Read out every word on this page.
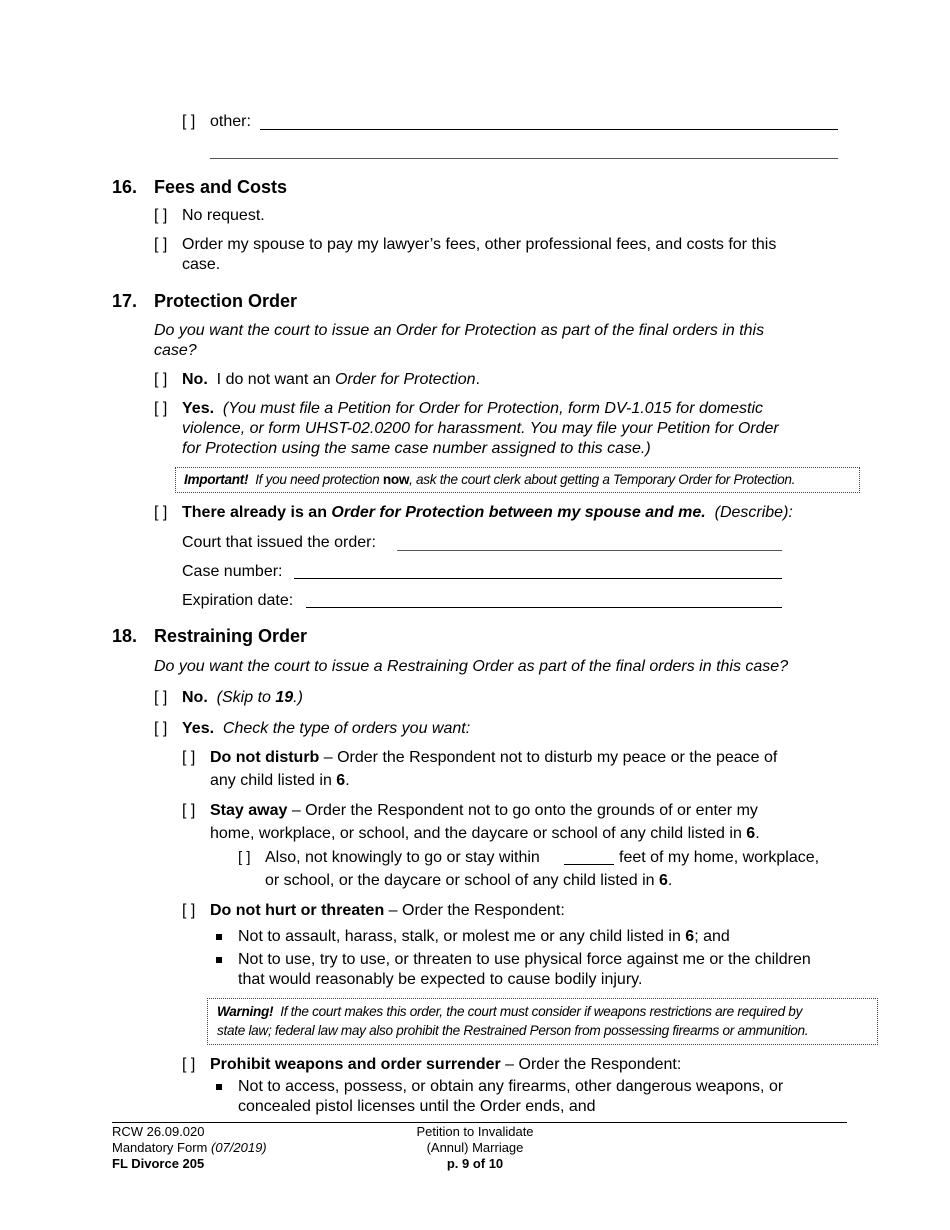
[ ] other:
16. Fees and Costs
[ ] No request.
[ ] Order my spouse to pay my lawyer’s fees, other professional fees, and costs for this
case.
17. Protection Order
Do you want the court to issue an Order for Protection as part of the final orders in this
case?
[ ] No. I do not want an Order for Protection.
[ ] Yes. (You must file a Petition for Order for Protection, form DV-1.015 for domestic
violence, or form UHST-02.0200 for harassment. You may file your Petition for Order
for Protection using the same case number assigned to this case.)
Important! If you need protection now, ask the court clerk about getting a Temporary Order for Protection.
[ ] There already is an Order for Protection between my spouse and me. (Describe):
Court that issued the order:
Case number:
Expiration date:
18. Restraining Order
Do you want the court to issue a Restraining Order as part of the final orders in this case?
[ ] No. (Skip to 19.)
[ ] Yes. Check the type of orders you want:
[ ] Do not disturb – Order the Respondent not to disturb my peace or the peace of
any child listed in 6.
[ ] Stay away – Order the Respondent not to go onto the grounds of or enter my
home, workplace, or school, and the daycare or school of any child listed in 6.
[ ] Also, not knowingly to go or stay within	feet of my home, workplace,
or school, or the daycare or school of any child listed in 6.
[ ] Do not hurt or threaten – Order the Respondent:
Not to assault, harass, stalk, or molest me or any child listed in 6; and
Not to use, try to use, or threaten to use physical force against me or the children
that would reasonably be expected to cause bodily injury.
Warning! If the court makes this order, the court must consider if weapons restrictions are required by
state law; federal law may also prohibit the Restrained Person from possessing firearms or ammunition.
[ ] Prohibit weapons and order surrender – Order the Respondent:
Not to access, possess, or obtain any firearms, other dangerous weapons, or
concealed pistol licenses until the Order ends, and
RCW 26.09.020
Mandatory Form (07/2019)
FL Divorce 205
Petition to Invalidate
(Annul) Marriage
p. 9 of 10
